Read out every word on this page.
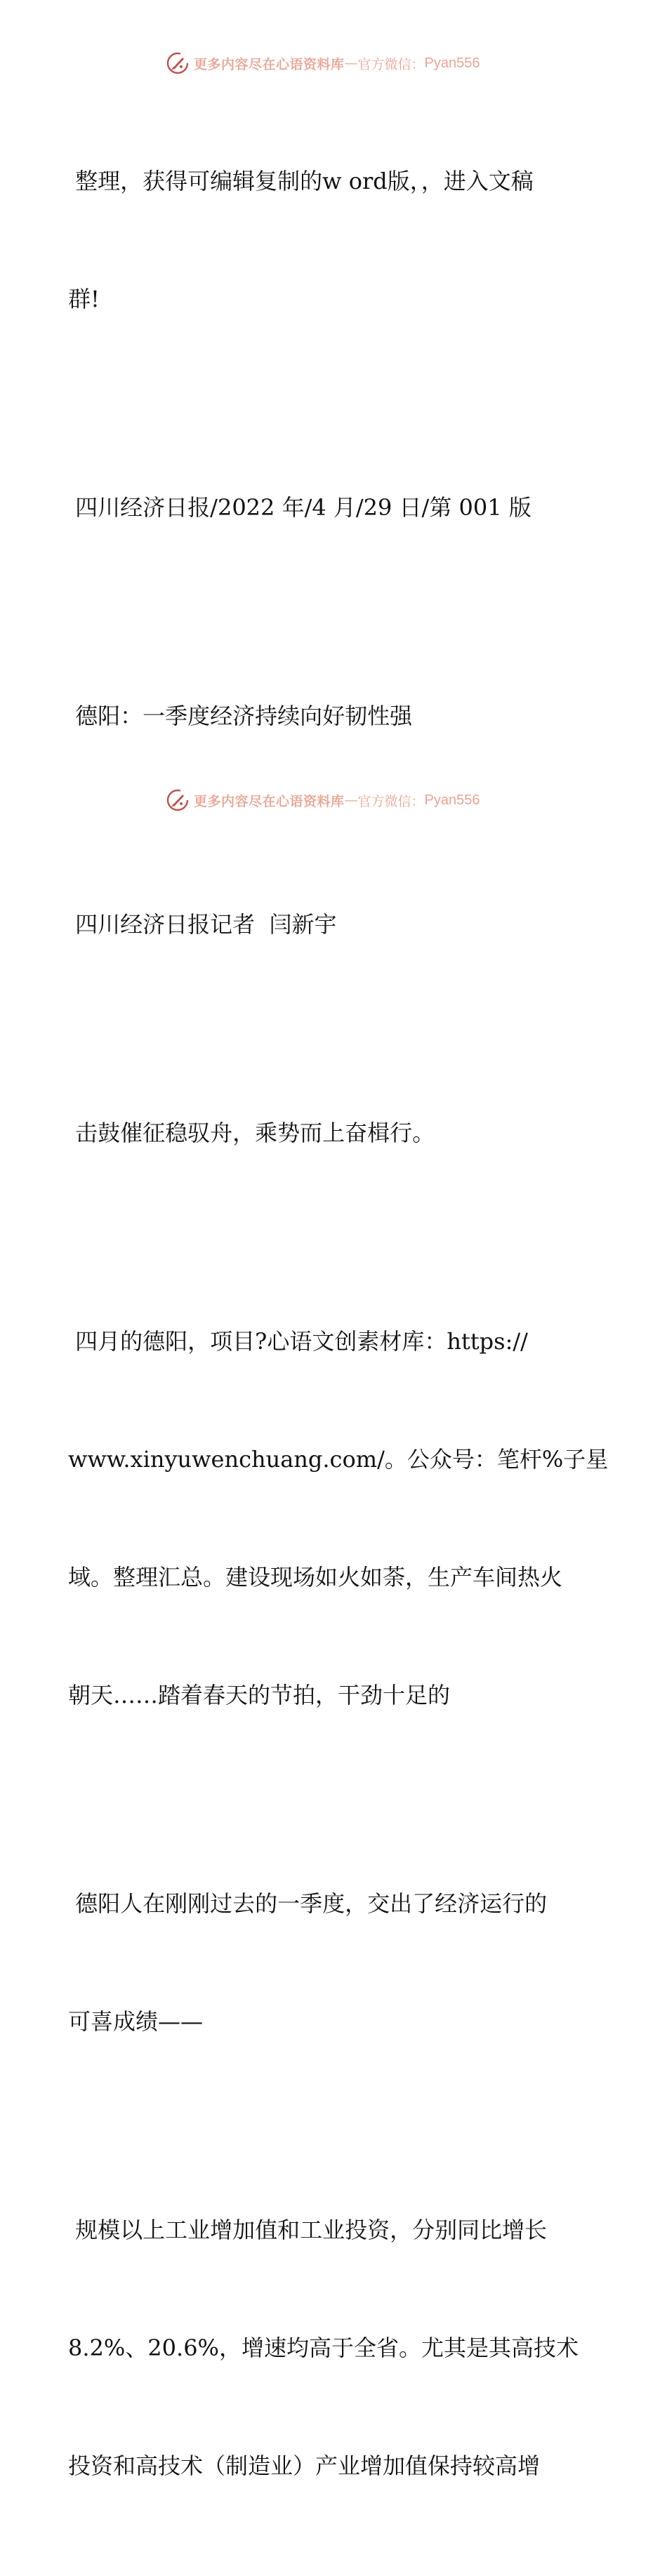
更多内容尽在心语资料库 — 官方微信： Pyan556

整理，获得可编辑复制的w ord版，，进入文稿

群!

四川经济日报/2022 年/4 月/29 日/第 001 版

德阳：一季度经济持续向好韧性强

四川经济日报记者  闫新宇

击鼓催征稳驭舟，乘势而上奋楫行。

四月的德阳，项目?心语文创素材库：https://

www.xinyuwenchuang.com/。公众号：笔杆%子星

域。整理汇总。建设现场如火如荼，生产车间热火

朝天……踏着春天的节拍，干劲十足的

德阳人在刚刚过去的一季度，交出了经济运行的

可喜成绩——

规模以上工业增加值和工业投资，分别同比增长

8.2%、20.6%，增速均高于全省。尤其是其高技术

投资和高技术（制造业）产业增加值保持较高增

更多内容尽在心语资料库 — 官方微信： Pyan556
